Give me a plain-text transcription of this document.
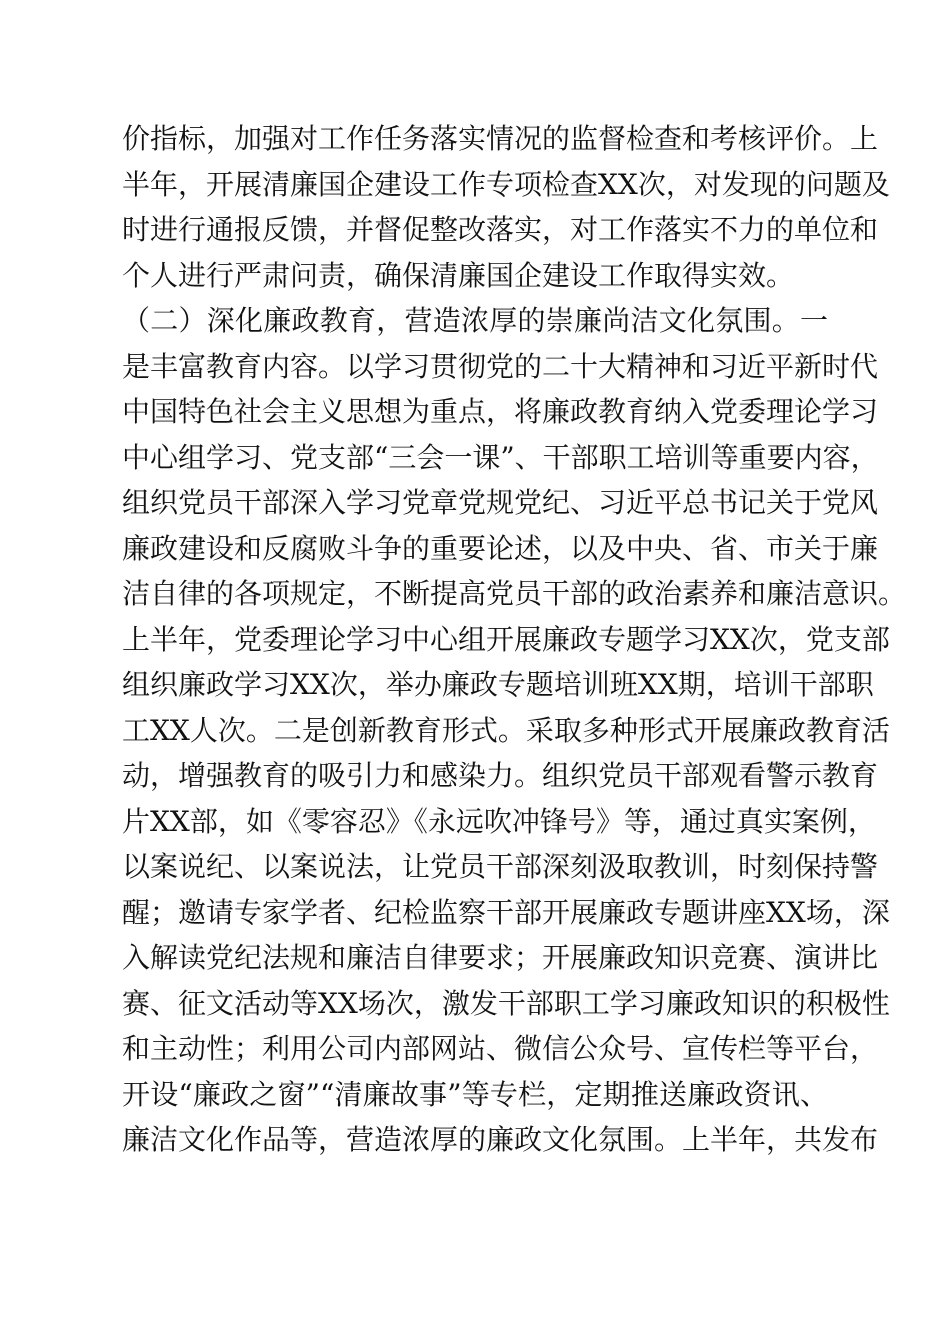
价指标，加强对工作任务落实情况的监督检查和考核评价。上
半年，开展清廉国企建设工作专项检查XX次，对发现的问题及
时进行通报反馈，并督促整改落实，对工作落实不力的单位和
个人进行严肃问责，确保清廉国企建设工作取得实效。
（二）深化廉政教育，营造浓厚的崇廉尚洁文化氛围。一
是丰富教育内容。以学习贯彻党的二十大精神和习近平新时代
中国特色社会主义思想为重点，将廉政教育纳入党委理论学习
中心组学习、党支部“三会一课”、干部职工培训等重要内容，
组织党员干部深入学习党章党规党纪、习近平总书记关于党风
廉政建设和反腐败斗争的重要论述，以及中央、省、市关于廉
洁自律的各项规定，不断提高党员干部的政治素养和廉洁意识。
上半年，党委理论学习中心组开展廉政专题学习XX次，党支部
组织廉政学习XX次，举办廉政专题培训班XX期，培训干部职
工XX人次。二是创新教育形式。采取多种形式开展廉政教育活
动，增强教育的吸引力和感染力。组织党员干部观看警示教育
片XX部，如《零容忍》《永远吹冲锋号》等，通过真实案例，
以案说纪、以案说法，让党员干部深刻汲取教训，时刻保持警
醒；邀请专家学者、纪检监察干部开展廉政专题讲座XX场，深
入解读党纪法规和廉洁自律要求；开展廉政知识竞赛、演讲比
赛、征文活动等XX场次，激发干部职工学习廉政知识的积极性
和主动性；利用公司内部网站、微信公众号、宣传栏等平台，
开设“廉政之窗”“清廉故事”等专栏，定期推送廉政资讯、
廉洁文化作品等，营造浓厚的廉政文化氛围。上半年，共发布
